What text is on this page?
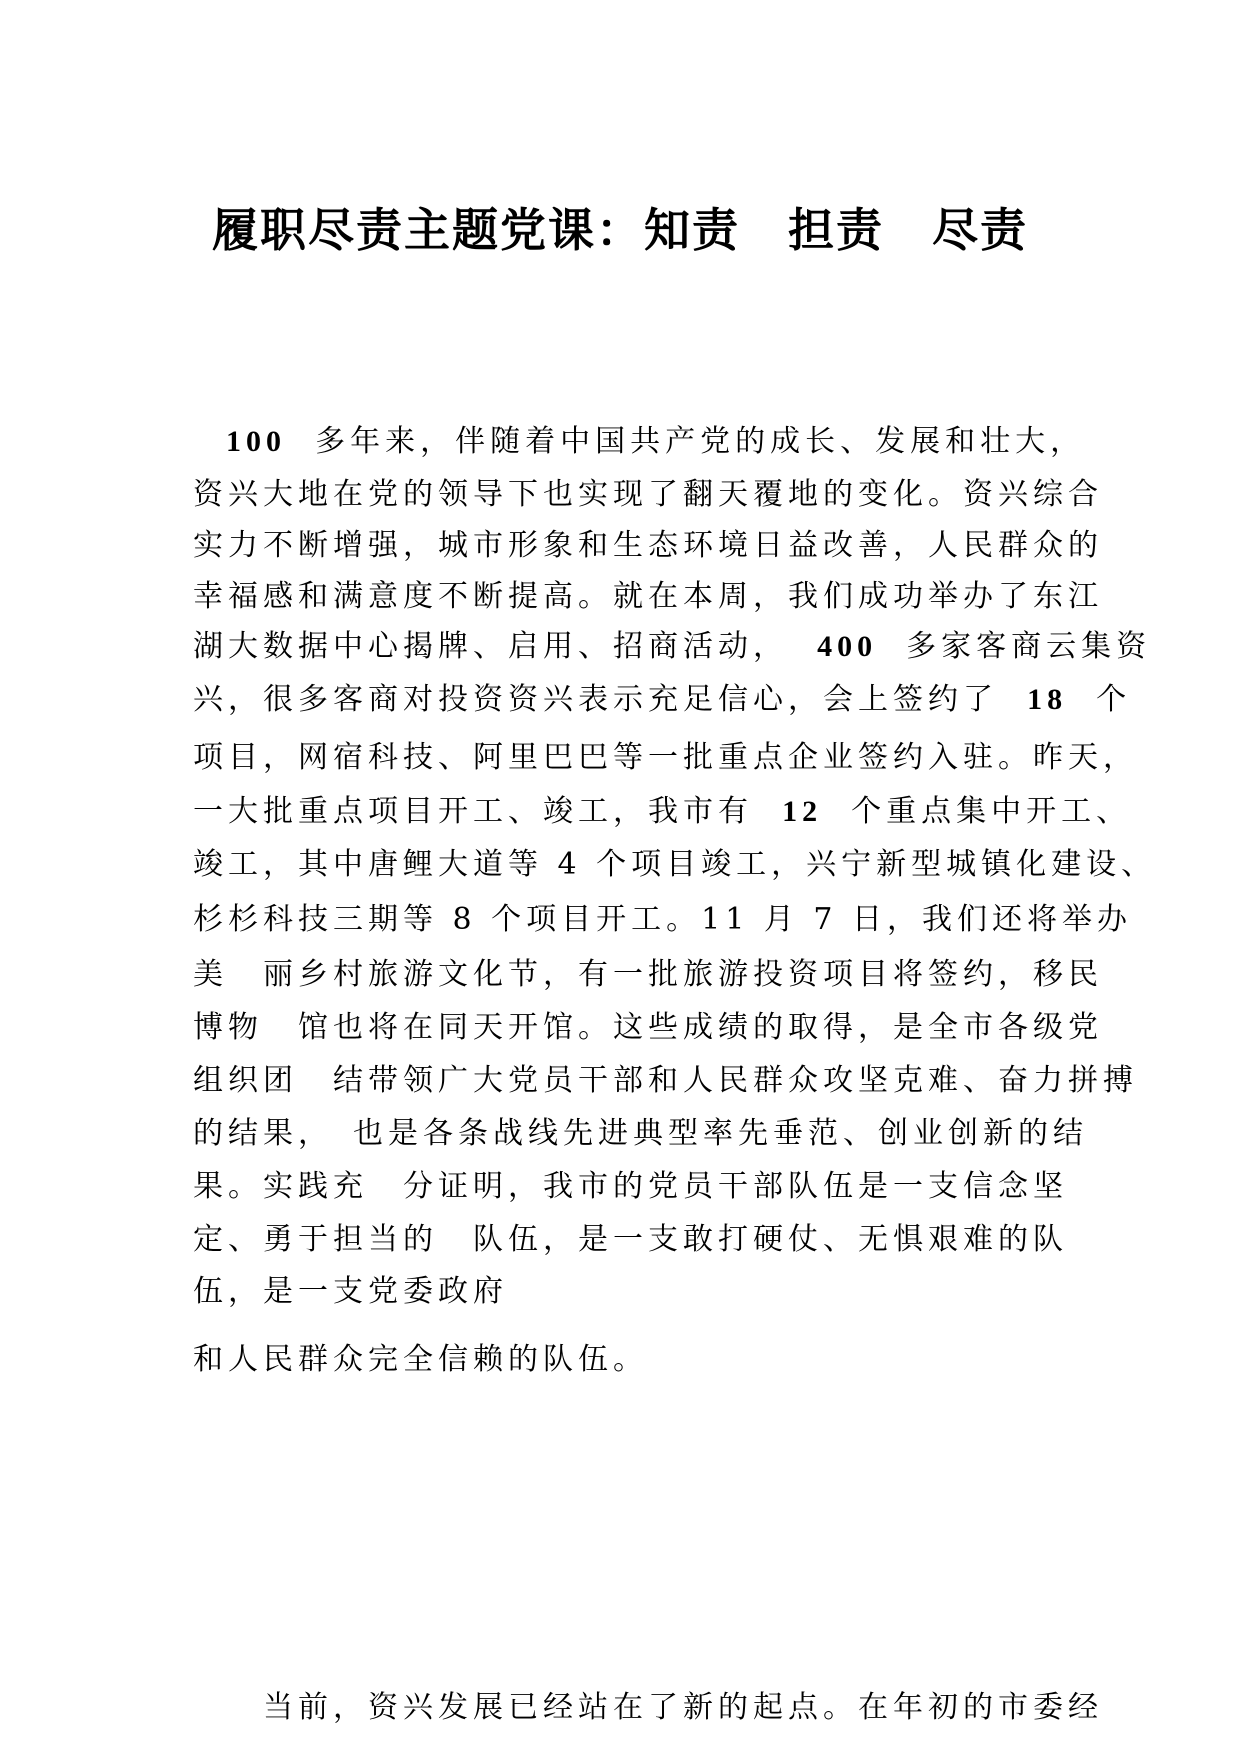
履职尽责主题党课：知责　担责　尽责
100  多年来，伴随着中国共产党的成长、发展和壮大，
资兴大地在党的领导下也实现了翻天覆地的变化。资兴综合
实力不断增强，城市形象和生态环境日益改善，人民群众的
幸福感和满意度不断提高。就在本周，我们成功举办了东江
湖大数据中心揭牌、启用、招商活动，  400  多家客商云集资
兴，很多客商对投资资兴表示充足信心，会上签约了  18  个
项目，网宿科技、阿里巴巴等一批重点企业签约入驻。昨天，
一大批重点项目开工、竣工，我市有  12  个重点集中开工、
竣工，其中唐鲤大道等 4 个项目竣工，兴宁新型城镇化建设、
杉杉科技三期等 8 个项目开工。11 月 7 日，我们还将举办
美　丽乡村旅游文化节，有一批旅游投资项目将签约，移民
博物　馆也将在同天开馆。这些成绩的取得，是全市各级党
组织团　结带领广大党员干部和人民群众攻坚克难、奋力拼搏
的结果，　也是各条战线先进典型率先垂范、创业创新的结
果。实践充　分证明，我市的党员干部队伍是一支信念坚
定、勇于担当的　队伍，是一支敢打硬仗、无惧艰难的队
伍，是一支党委政府
和人民群众完全信赖的队伍。
当前，资兴发展已经站在了新的起点。在年初的市委经
